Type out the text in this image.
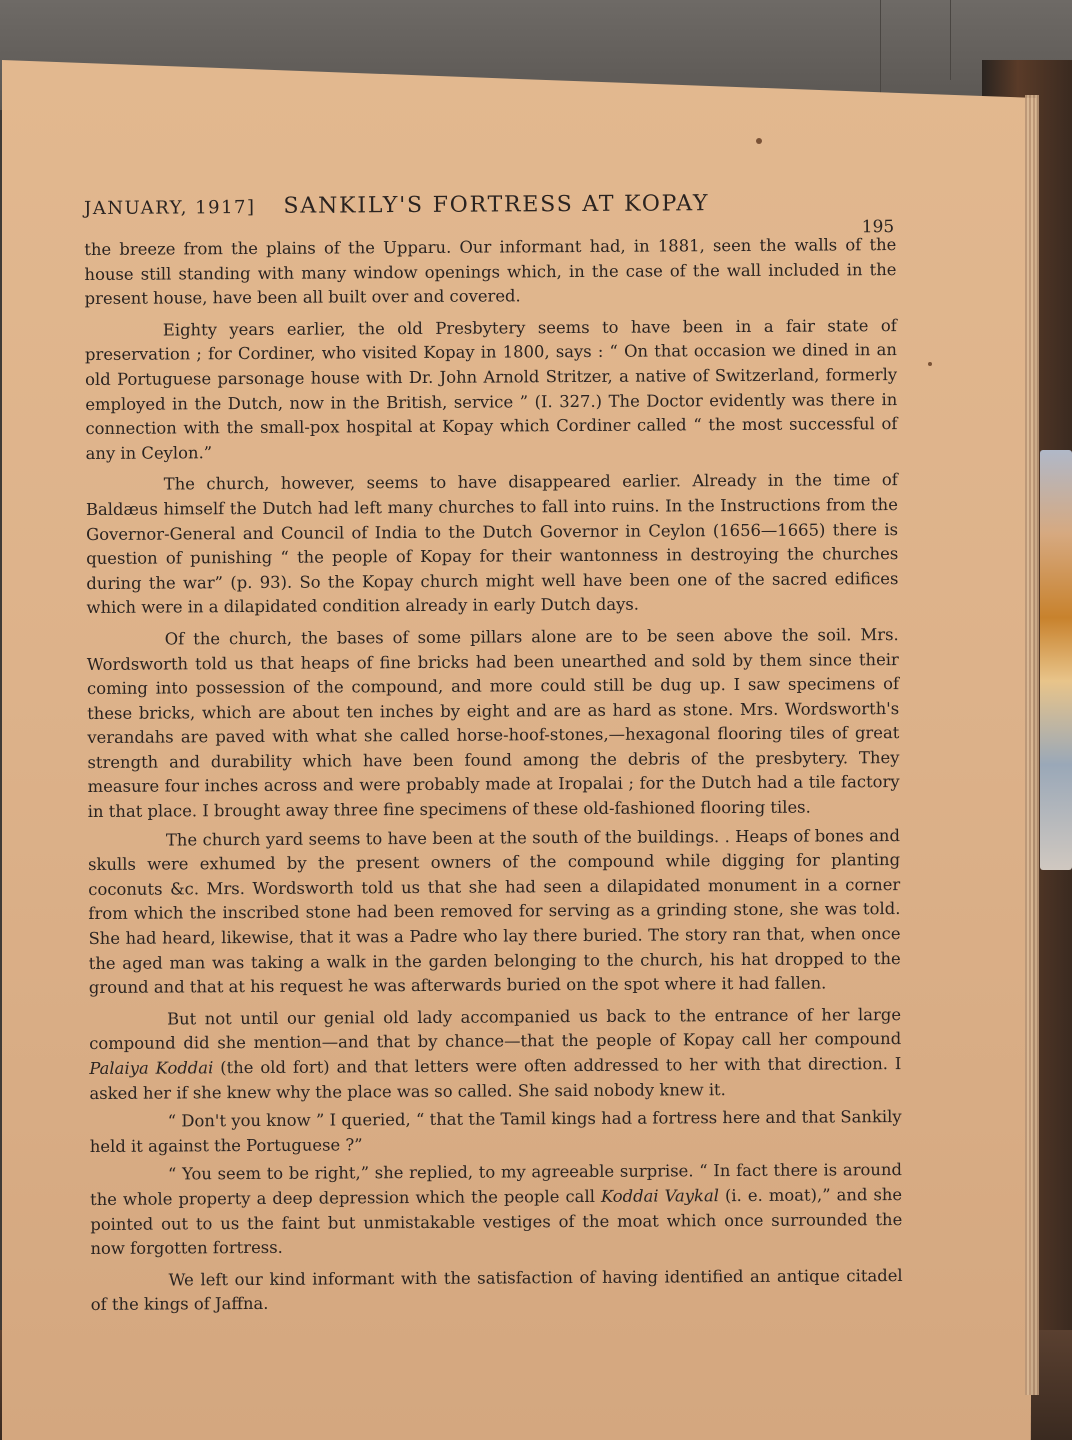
JANUARY, 1917] SANKILY'S FORTRESS AT KOPAY
195

the breeze from the plains of the Upparu. Our informant had, in 1881, seen the walls of the house still standing with many window openings which, in the case of the wall included in the present house, have been all built over and covered.

Eighty years earlier, the old Presbytery seems to have been in a fair state of preservation ; for Cordiner, who visited Kopay in 1800, says : “ On that occasion we dined in an old Portuguese parsonage house with Dr. John Arnold Stritzer, a native of Switzerland, formerly employed in the Dutch, now in the British, service ” (I. 327.) The Doctor evidently was there in connection with the small-pox hospital at Kopay which Cordiner called “ the most successful of any in Ceylon.”

The church, however, seems to have disappeared earlier. Already in the time of Baldæus himself the Dutch had left many churches to fall into ruins. In the Instructions from the Governor-General and Council of India to the Dutch Governor in Ceylon (1656—1665) there is question of punishing “ the people of Kopay for their wantonness in destroying the churches during the war” (p. 93). So the Kopay church might well have been one of the sacred edifices which were in a dilapidated condition already in early Dutch days.

Of the church, the bases of some pillars alone are to be seen above the soil. Mrs. Wordsworth told us that heaps of fine bricks had been unearthed and sold by them since their coming into possession of the compound, and more could still be dug up. I saw specimens of these bricks, which are about ten inches by eight and are as hard as stone. Mrs. Wordsworth's verandahs are paved with what she called horse-hoof-stones,—hexagonal flooring tiles of great strength and durability which have been found among the debris of the presbytery. They measure four inches across and were probably made at Iropalai ; for the Dutch had a tile factory in that place. I brought away three fine specimens of these old-fashioned flooring tiles.

The church yard seems to have been at the south of the buildings. . Heaps of bones and skulls were exhumed by the present owners of the compound while digging for planting coconuts &c. Mrs. Wordsworth told us that she had seen a dilapidated monument in a corner from which the inscribed stone had been removed for serving as a grinding stone, she was told. She had heard, likewise, that it was a Padre who lay there buried. The story ran that, when once the aged man was taking a walk in the garden belonging to the church, his hat dropped to the ground and that at his request he was afterwards buried on the spot where it had fallen.

But not until our genial old lady accompanied us back to the entrance of her large compound did she mention—and that by chance—that the people of Kopay call her compound Palaiya Koddai (the old fort) and that letters were often addressed to her with that direction. I asked her if she knew why the place was so called. She said nobody knew it.

“ Don't you know ” I queried, “ that the Tamil kings had a fortress here and that Sankily held it against the Portuguese ?”

“ You seem to be right,” she replied, to my agreeable surprise. “ In fact there is around the whole property a deep depression which the people call Koddai Vaykal (i. e. moat),” and she pointed out to us the faint but unmistakable vestiges of the moat which once surrounded the now forgotten fortress.

We left our kind informant with the satisfaction of having identified an antique citadel of the kings of Jaffna.
